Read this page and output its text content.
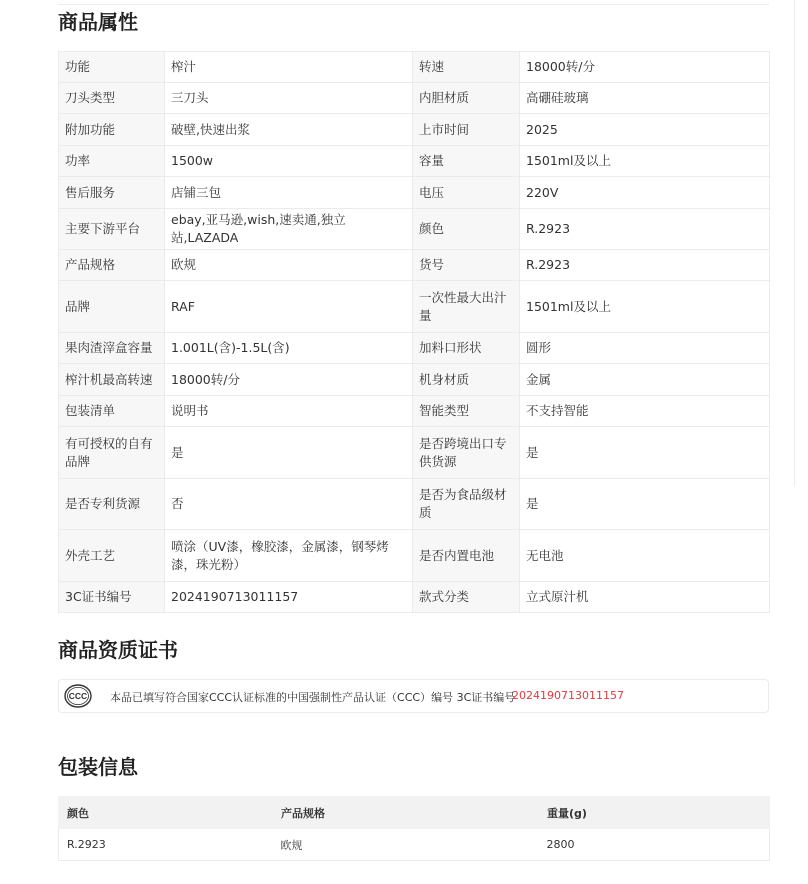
商品属性
功能	榨汁	转速	18000转/分
刀头类型	三刀头	内胆材质	高硼硅玻璃
附加功能	破壁,快速出浆	上市时间	2025
功率	1500w	容量	1501ml及以上
售后服务	店铺三包	电压	220V
主要下游平台	ebay,亚马逊,wish,速卖通,独立站,LAZADA	颜色	R.2923
产品规格	欧规	货号	R.2923
品牌	RAF	一次性最大出汁量	1501ml及以上
果肉渣滓盒容量	1.001L(含)-1.5L(含)	加料口形状	圆形
榨汁机最高转速	18000转/分	机身材质	金属
包装清单	说明书	智能类型	不支持智能
有可授权的自有品牌	是	是否跨境出口专供货源	是
是否专利货源	否	是否为食品级材质	是
外壳工艺	喷涂（UV漆，橡胶漆，金属漆，钢琴烤漆，珠光粉）	是否内置电池	无电池
3C证书编号	2024190713011157	款式分类	立式原汁机
商品资质证书
CCC 本品已填写符合国家CCC认证标准的中国强制性产品认证（CCC）编号 3C证书编号
2024190713011157
包装信息
颜色	产品规格	重量(g)
R.2923	欧规	2800
